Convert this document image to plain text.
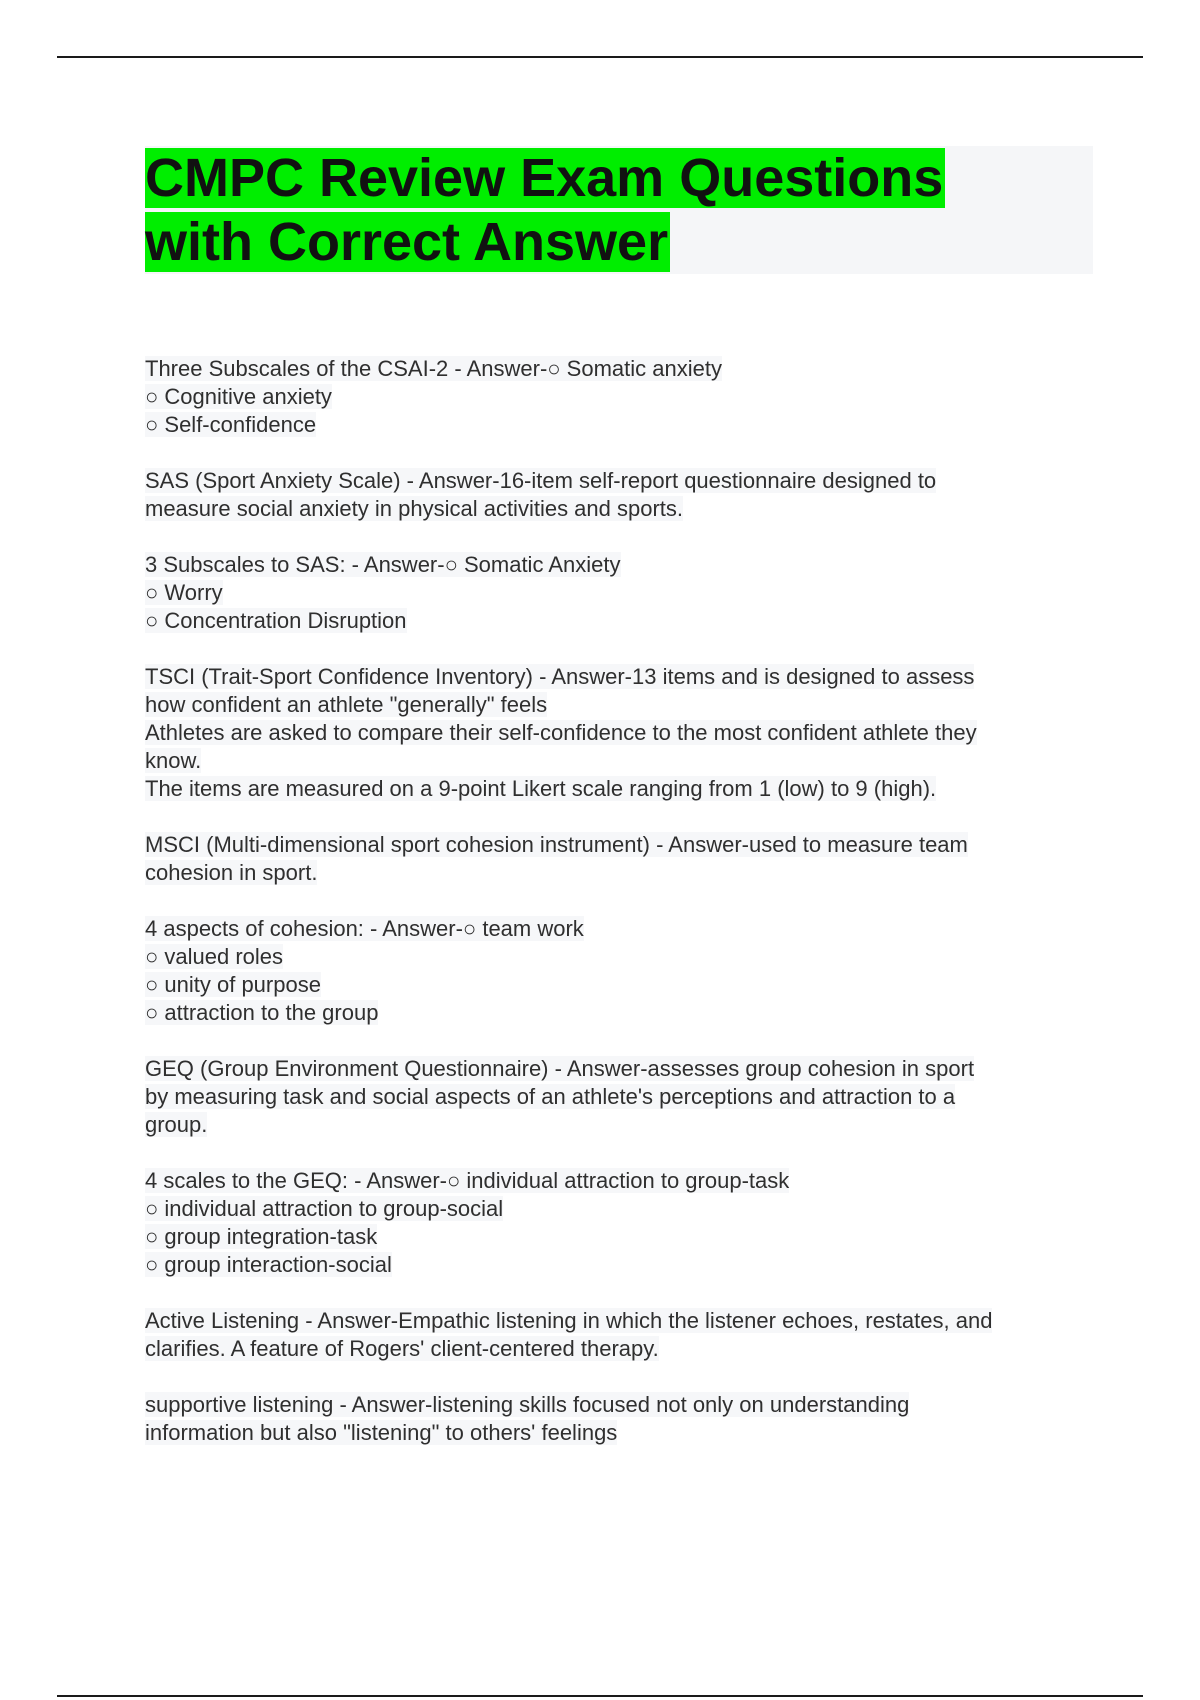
CMPC Review Exam Questions
with Correct Answer

Three Subscales of the CSAI-2 - Answer-○ Somatic anxiety
○ Cognitive anxiety
○ Self-confidence

SAS (Sport Anxiety Scale) - Answer-16-item self-report questionnaire designed to
measure social anxiety in physical activities and sports.

3 Subscales to SAS: - Answer-○ Somatic Anxiety
○ Worry
○ Concentration Disruption

TSCI (Trait-Sport Confidence Inventory) - Answer-13 items and is designed to assess
how confident an athlete "generally" feels
Athletes are asked to compare their self-confidence to the most confident athlete they
know.
The items are measured on a 9-point Likert scale ranging from 1 (low) to 9 (high).

MSCI (Multi-dimensional sport cohesion instrument) - Answer-used to measure team
cohesion in sport.

4 aspects of cohesion: - Answer-○ team work
○ valued roles
○ unity of purpose
○ attraction to the group

GEQ (Group Environment Questionnaire) - Answer-assesses group cohesion in sport
by measuring task and social aspects of an athlete's perceptions and attraction to a
group.

4 scales to the GEQ: - Answer-○ individual attraction to group-task
○ individual attraction to group-social
○ group integration-task
○ group interaction-social

Active Listening - Answer-Empathic listening in which the listener echoes, restates, and
clarifies. A feature of Rogers' client-centered therapy.

supportive listening - Answer-listening skills focused not only on understanding
information but also "listening" to others' feelings
